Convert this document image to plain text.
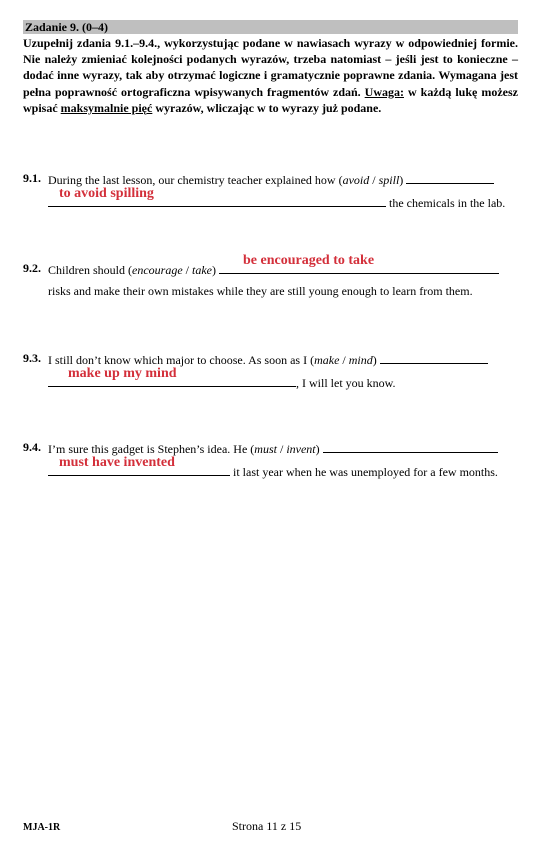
Zadanie 9. (0–4)
Uzupełnij zdania 9.1.–9.4., wykorzystując podane w nawiasach wyrazy w odpowiedniej formie. Nie należy zmieniać kolejności podanych wyrazów, trzeba natomiast – jeśli jest to konieczne – dodać inne wyrazy, tak aby otrzymać logiczne i gramatycznie poprawne zdania. Wymagana jest pełna poprawność ortograficzna wpisywanych fragmentów zdań. Uwaga: w każdą lukę możesz wpisać maksymalnie pięć wyrazów, wliczając w to wyrazy już podane.
9.1. During the last lesson, our chemistry teacher explained how (avoid / spill)
to avoid spilling
the chemicals in the lab.
9.2. Children should (encourage / take)
be encouraged to take
risks and make their own mistakes while they are still young enough to learn from them.
9.3. I still don’t know which major to choose. As soon as I (make / mind)
make up my mind
, I will let you know.
9.4. I’m sure this gadget is Stephen’s idea. He (must / invent)
must have invented
it last year when he was unemployed for a few months.
MJA-1R	Strona 11 z 15
